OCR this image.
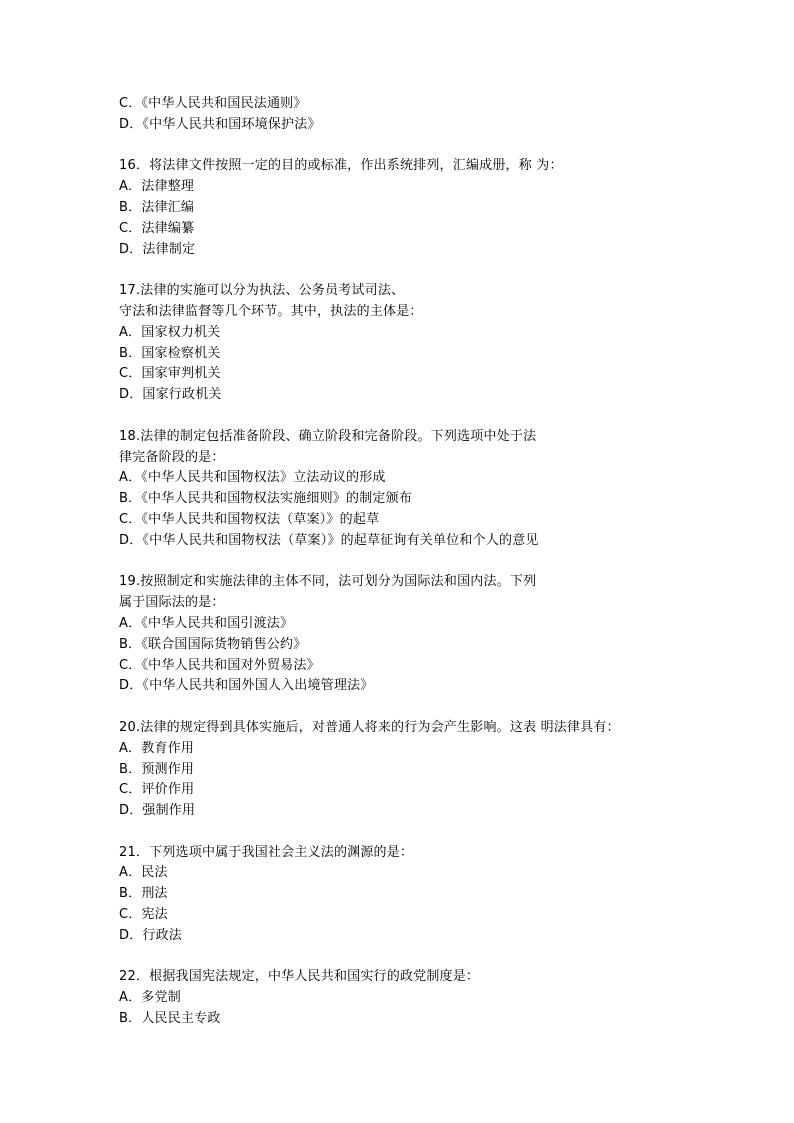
C．《中华人民共和国民法通则》
D．《中华人民共和国环境保护法》
16．将法律文件按照一定的目的或标准，作出系统排列，汇编成册，称 为：
A．法律整理
B．法律汇编
C．法律编纂
D．法律制定
17.法律的实施可以分为执法、公务员考试司法、
守法和法律监督等几个环节。其中，执法的主体是：
A．国家权力机关
B．国家检察机关
C．国家审判机关
D．国家行政机关
18.法律的制定包括准备阶段、确立阶段和完备阶段。下列选项中处于法
律完备阶段的是：
A．《中华人民共和国物权法》立法动议的形成
B．《中华人民共和国物权法实施细则》的制定颁布
C．《中华人民共和国物权法（草案）》的起草
D．《中华人民共和国物权法（草案）》的起草征询有关单位和个人的意见
19.按照制定和实施法律的主体不同，法可划分为国际法和国内法。下列
属于国际法的是：
A．《中华人民共和国引渡法》
B．《联合国国际货物销售公约》
C．《中华人民共和国对外贸易法》
D．《中华人民共和国外国人入出境管理法》
20.法律的规定得到具体实施后，对普通人将来的行为会产生影响。这表 明法律具有：
A．教育作用
B．预测作用
C．评价作用
D．强制作用
21．下列选项中属于我国社会主义法的渊源的是：
A．民法
B．刑法
C．宪法
D．行政法
22．根据我国宪法规定，中华人民共和国实行的政党制度是：
A．多党制
B．人民民主专政
